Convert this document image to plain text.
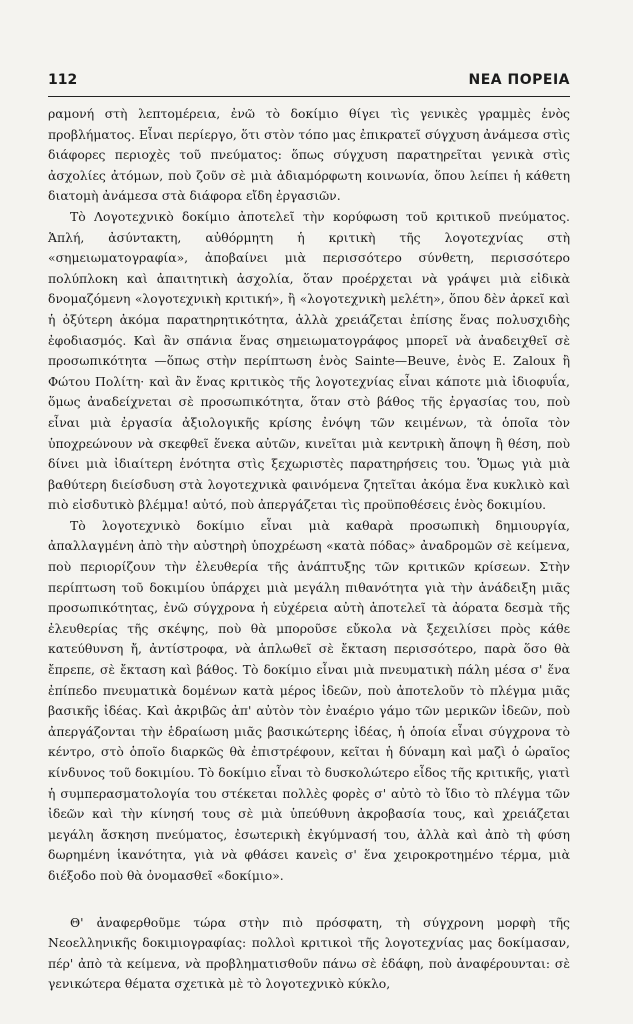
112	ΝΕΑ ΠΟΡΕΙΑ

ραμονή στὴ λεπτομέρεια, ἐνῶ τὸ δοκίμιο θίγει τὶς γενικὲς γραμμὲς ἑνὸς προβλήματος. Εἶναι περίεργο, ὅτι στὸν τόπο μας ἐπικρατεῖ σύγχυση ἀνάμεσα στὶς διάφορες περιοχὲς τοῦ πνεύματος: ὅπως σύγχυση παρατηρεῖται γενικὰ στὶς ἀσχολίες ἀτόμων, ποὺ ζοῦν σὲ μιὰ ἀδιαμόρφωτη κοινωνία, ὅπου λείπει ἡ κάθετη διατομὴ ἀνάμεσα στὰ διάφορα εἴδη ἐργασιῶν.

Τὸ Λογοτεχνικὸ δοκίμιο ἀποτελεῖ τὴν κορύφωση τοῦ κριτικοῦ πνεύματος. Ἁπλή, ἀσύντακτη, αὐθόρμητη ἡ κριτικὴ τῆς λογοτεχνίας στὴ «σημειωματογραφία», ἀποβαίνει μιὰ περισσότερο σύνθετη, περισσότερο πολύπλοκη καὶ ἀπαιτητικὴ ἀσχολία, ὅταν προέρχεται νὰ γράψει μιὰ εἰδικὰ δνομαζόμενη «λογοτεχνικὴ κριτική», ἢ «λογοτεχνικὴ μελέτη», ὅπου δὲν ἀρκεῖ καὶ ἡ ὀξύτερη ἀκόμα παρατηρητικότητα, ἀλλὰ χρειάζεται ἐπίσης ἕνας πολυσχιδὴς ἐφοδιασμός. Καὶ ἂν σπάνια ἕνας σημειωματογράφος μπορεῖ νὰ ἀναδειχθεῖ σὲ προσωπικότητα —ὅπως στὴν περίπτωση ἑνὸς Sainte—Beuve, ἑνὸς E. Zaloux ἢ Φώτου Πολίτη· καὶ ἂν ἕνας κριτικὸς τῆς λογοτεχνίας εἶναι κάποτε μιὰ ἰδιοφυΐα, ὅμως ἀναδείχνεται σὲ προσωπικότητα, ὅταν στὸ βάθος τῆς ἐργασίας του, ποὺ εἶναι μιὰ ἐργασία ἀξιολογικῆς κρίσης ἐνόψη τῶν κειμένων, τὰ ὁποῖα τὸν ὑποχρεώνουν νὰ σκεφθεῖ ἕνεκα αὐτῶν, κινεῖται μιὰ κεντρικὴ ἄποψη ἢ θέση, ποὺ δίνει μιὰ ἰδιαίτερη ἑνότητα στὶς ξεχωριστὲς παρατηρήσεις του. Ὅμως γιὰ μιὰ βαθύτερη διείσδυση στὰ λογοτεχνικὰ φαινόμενα ζητεῖται ἀκόμα ἕνα κυκλικὸ καὶ πιὸ εἰσδυτικὸ βλέμμα! αὐτό, ποὺ ἀπεργάζεται τὶς προϋποθέσεις ἑνὸς δοκιμίου.

Τὸ λογοτεχνικὸ δοκίμιο εἶναι μιὰ καθαρὰ προσωπικὴ δημιουργία, ἀπαλλαγμένη ἀπὸ τὴν αὐστηρὴ ὑποχρέωση «κατὰ πόδας» ἀναδρομῶν σὲ κείμενα, ποὺ περιορίζουν τὴν ἐλευθερία τῆς ἀνάπτυξης τῶν κριτικῶν κρίσεων. Στὴν περίπτωση τοῦ δοκιμίου ὑπάρχει μιὰ μεγάλη πιθανότητα γιὰ τὴν ἀνάδειξη μιᾶς προσωπικότητας, ἐνῶ σύγχρονα ἡ εὐχέρεια αὐτὴ ἀποτελεῖ τὰ ἀόρατα δεσμὰ τῆς ἐλευθερίας τῆς σκέψης, ποὺ θὰ μποροῦσε εὔκολα νὰ ξεχειλίσει πρὸς κάθε κατεύθυνση ἤ, ἀντίστροφα, νὰ ἁπλωθεῖ σὲ ἔκταση περισσότερο, παρὰ ὅσο θὰ ἔπρεπε, σὲ ἔκταση καὶ βάθος. Τὸ δοκίμιο εἶναι μιὰ πνευματικὴ πάλη μέσα σ' ἕνα ἐπίπεδο πνευματικὰ δομένων κατὰ μέρος ἰδεῶν, ποὺ ἀποτελοῦν τὸ πλέγμα μιᾶς βασικῆς ἰδέας. Καὶ ἀκριβῶς ἀπ' αὐτὸν τὸν ἐναέριο γάμο τῶν μερικῶν ἰδεῶν, ποὺ ἀπεργάζονται τὴν ἑδραίωση μιᾶς βασικώτερης ἰδέας, ἡ ὁποία εἶναι σύγχρονα τὸ κέντρο, στὸ ὁποῖο διαρκῶς θὰ ἐπιστρέφουν, κεῖται ἡ δύναμη καὶ μαζὶ ὁ ὡραῖος κίνδυνος τοῦ δοκιμίου. Τὸ δοκίμιο εἶναι τὸ δυσκολώτερο εἶδος τῆς κριτικῆς, γιατὶ ἡ συμπερασματολογία του στέκεται πολλὲς φορὲς σ' αὐτὸ τὸ ἴδιο τὸ πλέγμα τῶν ἰδεῶν καὶ τὴν κίνησή τους σὲ μιὰ ὑπεύθυνη ἀκροβασία τους, καὶ χρειάζεται μεγάλη ἄσκηση πνεύματος, ἐσωτερικὴ ἐκγύμνασή του, ἀλλὰ καὶ ἀπὸ τὴ φύση δωρημένη ἱκανότητα, γιὰ νὰ φθάσει κανεὶς σ' ἕνα χειροκροτημένο τέρμα, μιὰ διέξοδο ποὺ θὰ ὀνομασθεῖ «δοκίμιο».

Θ' ἀναφερθοῦμε τώρα στὴν πιὸ πρόσφατη, τὴ σύγχρονη μορφὴ τῆς Νεοελληνικῆς δοκιμιογραφίας: πολλοὶ κριτικοὶ τῆς λογοτεχνίας μας δοκίμασαν, πέρ' ἀπὸ τὰ κείμενα, νὰ προβληματισθοῦν πάνω σὲ ἐδάφη, ποὺ ἀναφέρουνται: σὲ γενικώτερα θέματα σχετικὰ μὲ τὸ λογοτεχνικὸ κύκλο,
